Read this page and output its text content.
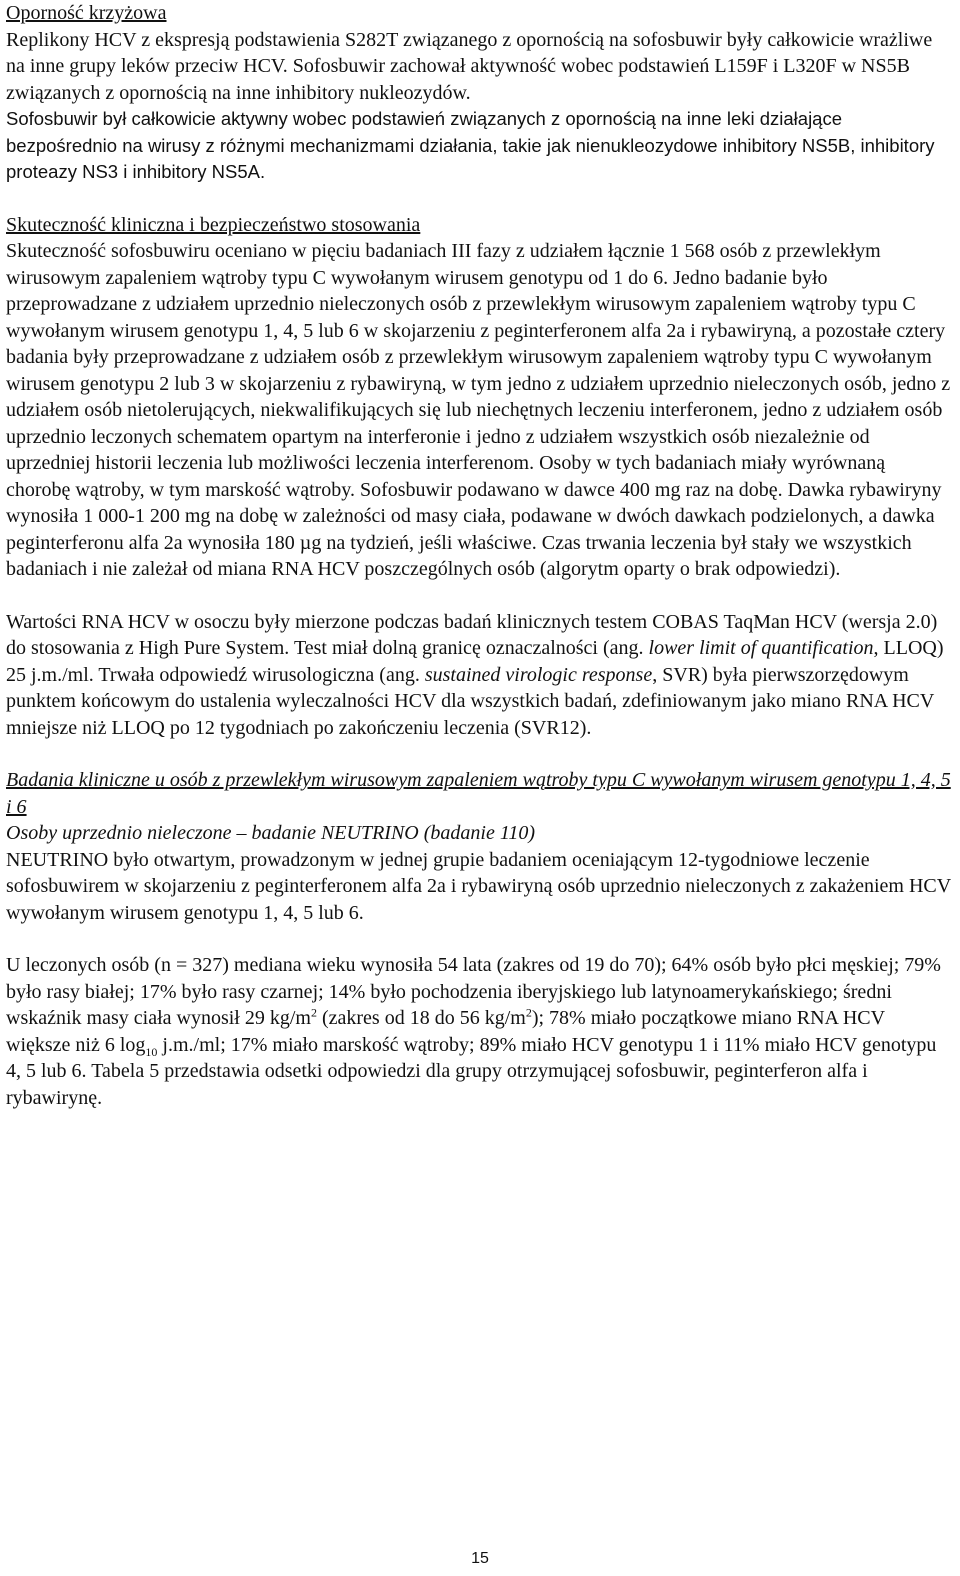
Oporność krzyżowa

Replikony HCV z ekspresją podstawienia S282T związanego z opornością na sofosbuwir były całkowicie wrażliwe na inne grupy leków przeciw HCV. Sofosbuwir zachował aktywność wobec podstawień L159F i L320F w NS5B związanych z opornością na inne inhibitory nukleozydów.

Sofosbuwir był całkowicie aktywny wobec podstawień związanych z opornością na inne leki działające bezpośrednio na wirusy z różnymi mechanizmami działania, takie jak nienukleozydowe inhibitory NS5B, inhibitory proteazy NS3 i inhibitory NS5A.

Skuteczność kliniczna i bezpieczeństwo stosowania

Skuteczność sofosbuwiru oceniano w pięciu badaniach III fazy z udziałem łącznie 1 568 osób z przewlekłym wirusowym zapaleniem wątroby typu C wywołanym wirusem genotypu od 1 do 6. Jedno badanie było przeprowadzane z udziałem uprzednio nieleczonych osób z przewlekłym wirusowym zapaleniem wątroby typu C wywołanym wirusem genotypu 1, 4, 5 lub 6 w skojarzeniu z peginterferonem alfa 2a i rybawiryną, a pozostałe cztery badania były przeprowadzane z udziałem osób z przewlekłym wirusowym zapaleniem wątroby typu C wywołanym wirusem genotypu 2 lub 3 w skojarzeniu z rybawiryną, w tym jedno z udziałem uprzednio nieleczonych osób, jedno z udziałem osób nietolerujących, niekwalifikujących się lub niechętnych leczeniu interferonem, jedno z udziałem osób uprzednio leczonych schematem opartym na interferonie i jedno z udziałem wszystkich osób niezależnie od uprzedniej historii leczenia lub możliwości leczenia interferenom. Osoby w tych badaniach miały wyrównaną chorobę wątroby, w tym marskość wątroby. Sofosbuwir podawano w dawce 400 mg raz na dobę. Dawka rybawiryny wynosiła 1 000-1 200 mg na dobę w zależności od masy ciała, podawane w dwóch dawkach podzielonych, a dawka peginterferonu alfa 2a wynosiła 180 µg na tydzień, jeśli właściwe. Czas trwania leczenia był stały we wszystkich badaniach i nie zależał od miana RNA HCV poszczególnych osób (algorytm oparty o brak odpowiedzi).

Wartości RNA HCV w osoczu były mierzone podczas badań klinicznych testem COBAS TaqMan HCV (wersja 2.0) do stosowania z High Pure System. Test miał dolną granicę oznaczalności (ang. lower limit of quantification, LLOQ) 25 j.m./ml. Trwała odpowiedź wirusologiczna (ang. sustained virologic response, SVR) była pierwszorzędowym punktem końcowym do ustalenia wyleczalności HCV dla wszystkich badań, zdefiniowanym jako miano RNA HCV mniejsze niż LLOQ po 12 tygodniach po zakończeniu leczenia (SVR12).

Badania kliniczne u osób z przewlekłym wirusowym zapaleniem wątroby typu C wywołanym wirusem genotypu 1, 4, 5 i 6

Osoby uprzednio nieleczone – badanie NEUTRINO (badanie 110)

NEUTRINO było otwartym, prowadzonym w jednej grupie badaniem oceniającym 12-tygodniowe leczenie sofosbuwirem w skojarzeniu z peginterferonem alfa 2a i rybawiryną osób uprzednio nieleczonych z zakażeniem HCV wywołanym wirusem genotypu 1, 4, 5 lub 6.

U leczonych osób (n = 327) mediana wieku wynosiła 54 lata (zakres od 19 do 70); 64% osób było płci męskiej; 79% było rasy białej; 17% było rasy czarnej; 14% było pochodzenia iberyjskiego lub latynoamerykańskiego; średni wskaźnik masy ciała wynosił 29 $kg/m^2$ (zakres od 18 do 56 $kg/m^2$); 78% miało początkowe miano RNA HCV większe niż 6 $\log_{10} j.m./ml$; 17% miało marskość wątroby; 89% miało HCV genotypu 1 i 11% miało HCV genotypu 4, 5 lub 6. Tabela 5 przedstawia odsetki odpowiedzi dla grupy otrzymującej sofosbuwir, peginterferon alfa i rybawirynę.

15
